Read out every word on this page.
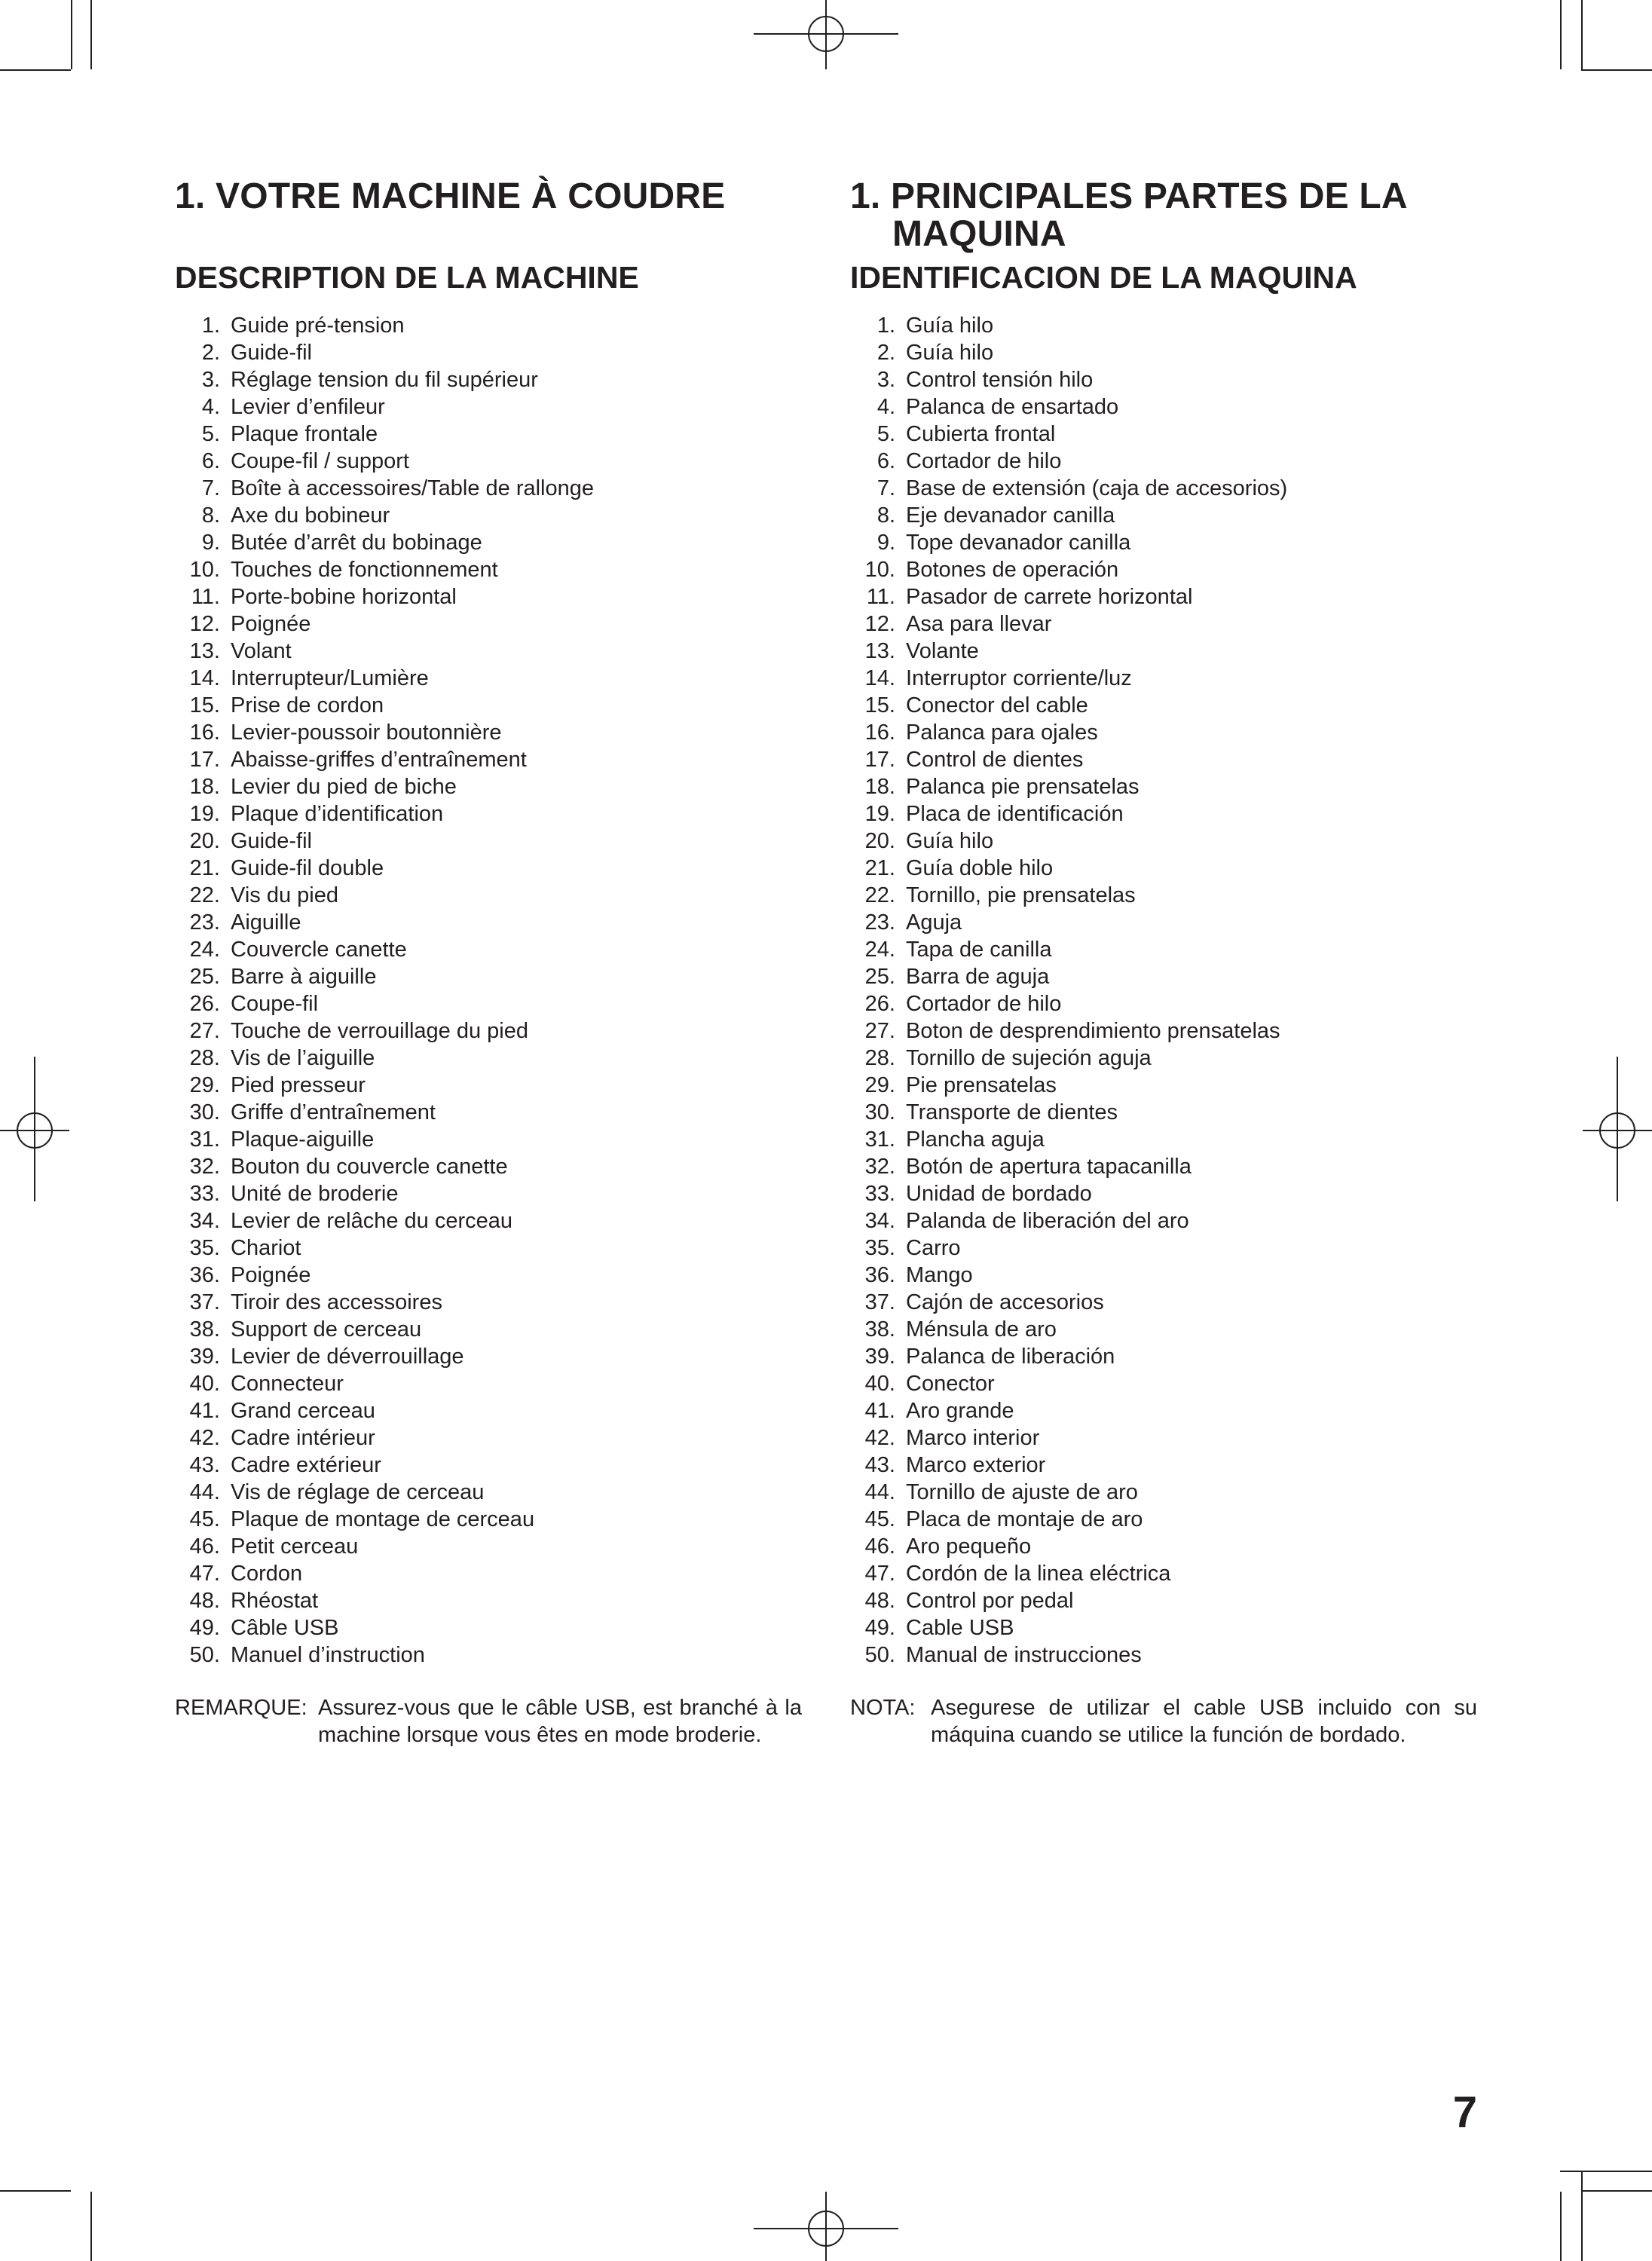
1. VOTRE MACHINE À COUDRE
DESCRIPTION DE LA MACHINE
1. Guide pré-tension
2. Guide-fil
3. Réglage tension du fil supérieur
4. Levier d’enfileur
5. Plaque frontale
6. Coupe-fil / support
7. Boîte à accessoires/Table de rallonge
8. Axe du bobineur
9. Butée d’arrêt du bobinage
10. Touches de fonctionnement
11. Porte-bobine horizontal
12. Poignée
13. Volant
14. Interrupteur/Lumière
15. Prise de cordon
16. Levier-poussoir boutonnière
17. Abaisse-griffes d’entraînement
18. Levier du pied de biche
19. Plaque d’identification
20. Guide-fil
21. Guide-fil double
22. Vis du pied
23. Aiguille
24. Couvercle canette
25. Barre à aiguille
26. Coupe-fil
27. Touche de verrouillage du pied
28. Vis de l’aiguille
29. Pied presseur
30. Griffe d’entraînement
31. Plaque-aiguille
32. Bouton du couvercle canette
33. Unité de broderie
34. Levier de relâche du cerceau
35. Chariot
36. Poignée
37. Tiroir des accessoires
38. Support de cerceau
39. Levier de déverrouillage
40. Connecteur
41. Grand cerceau
42. Cadre intérieur
43. Cadre extérieur
44. Vis de réglage de cerceau
45. Plaque de montage de cerceau
46. Petit cerceau
47. Cordon
48. Rhéostat
49. Câble USB
50. Manuel d’instruction
REMARQUE: Assurez-vous que le câble USB, est branché à la machine lorsque vous êtes en mode broderie.
1. PRINCIPALES PARTES DE LA
MAQUINA
IDENTIFICACION DE LA MAQUINA
1. Guía hilo
2. Guía hilo
3. Control tensión hilo
4. Palanca de ensartado
5. Cubierta frontal
6. Cortador de hilo
7. Base de extensión (caja de accesorios)
8. Eje devanador canilla
9. Tope devanador canilla
10. Botones de operación
11. Pasador de carrete horizontal
12. Asa para llevar
13. Volante
14. Interruptor corriente/luz
15. Conector del cable
16. Palanca para ojales
17. Control de dientes
18. Palanca pie prensatelas
19. Placa de identificación
20. Guía hilo
21. Guía doble hilo
22. Tornillo, pie prensatelas
23. Aguja
24. Tapa de canilla
25. Barra de aguja
26. Cortador de hilo
27. Boton de desprendimiento prensatelas
28. Tornillo de sujeción aguja
29. Pie prensatelas
30. Transporte de dientes
31. Plancha aguja
32. Botón de apertura tapacanilla
33. Unidad de bordado
34. Palanda de liberación del aro
35. Carro
36. Mango
37. Cajón de accesorios
38. Ménsula de aro
39. Palanca de liberación
40. Conector
41. Aro grande
42. Marco interior
43. Marco exterior
44. Tornillo de ajuste de aro
45. Placa de montaje de aro
46. Aro pequeño
47. Cordón de la linea eléctrica
48. Control por pedal
49. Cable USB
50. Manual de instrucciones
NOTA: Asegurese de utilizar el cable USB incluido con su máquina cuando se utilice la función de bordado.
7
